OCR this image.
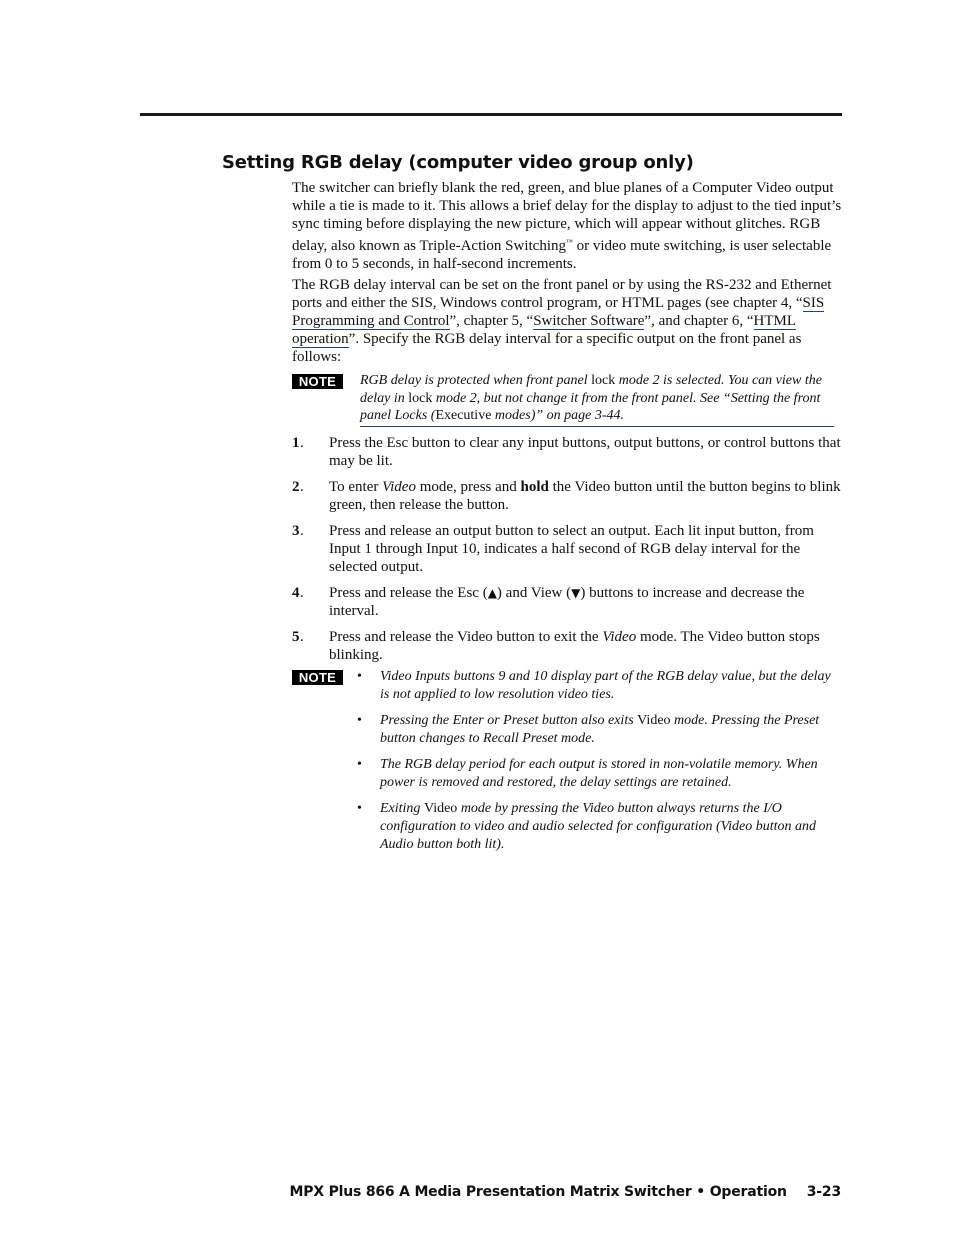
Setting RGB delay (computer video group only)

The switcher can briefly blank the red, green, and blue planes of a Computer Video output while a tie is made to it. This allows a brief delay for the display to adjust to the tied input’s sync timing before displaying the new picture, which will appear without glitches. RGB delay, also known as Triple-Action Switching™ or video mute switching, is user selectable from 0 to 5 seconds, in half-second increments.

The RGB delay interval can be set on the front panel or by using the RS-232 and Ethernet ports and either the SIS, Windows control program, or HTML pages (see chapter 4, “SIS Programming and Control”, chapter 5, “Switcher Software”, and chapter 6, “HTML operation”. Specify the RGB delay interval for a specific output on the front panel as follows:

NOTE	RGB delay is protected when front panel lock mode 2 is selected. You can view the delay in lock mode 2, but not change it from the front panel. See “Setting the front panel Locks (Executive modes)” on page 3-44.
1 . Press the Esc button to clear any input buttons, output buttons, or control buttons that may be lit.
2 . To enter Video mode, press and hold the Video button until the button begins to blink green, then release the button.
3 . Press and release an output button to select an output. Each lit input button, from Input 1 through Input 10, indicates a half second of RGB delay interval for the selected output.
4 . Press and release the Esc (▲) and View (▼) buttons to increase and decrease the interval.
5 . Press and release the Video button to exit the Video mode. The Video button stops blinking.
NOTE	• Video Inputs buttons 9 and 10 display part of the RGB delay value, but the delay is not applied to low resolution video ties.
• Pressing the Enter or Preset button also exits Video mode. Pressing the Preset button changes to Recall Preset mode.
• The RGB delay period for each output is stored in non-volatile memory. When power is removed and restored, the delay settings are retained.
• Exiting Video mode by pressing the Video button always returns the I/O configuration to video and audio selected for configuration (Video button and Audio button both lit).
MPX Plus 866 A Media Presentation Matrix Switcher • Operation 3-23
